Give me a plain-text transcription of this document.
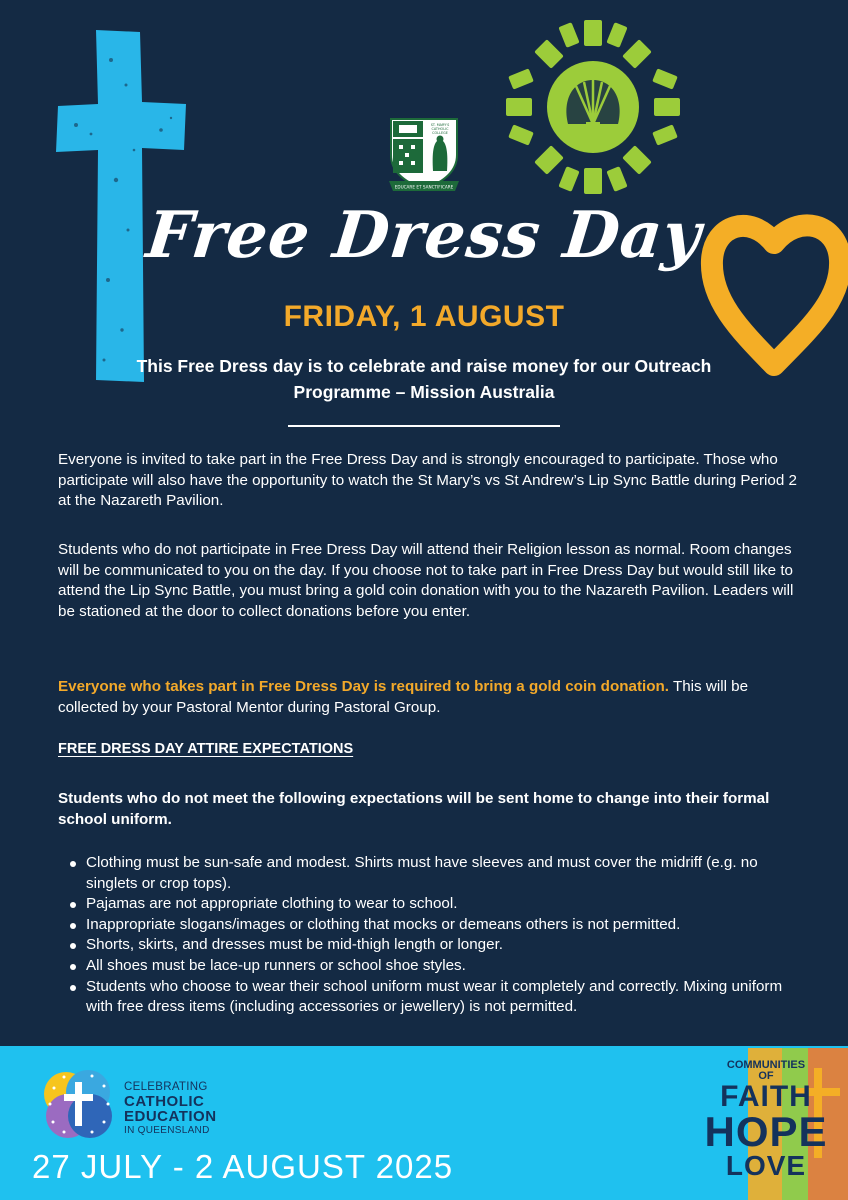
ST. MARY'S
CATHOLIC
COLLEGE
EDUCARE ET SANCTIFICARE
Free Dress Day
FRIDAY, 1 AUGUST
This Free Dress day is to celebrate and raise money for our Outreach Programme – Mission Australia

Everyone is invited to take part in the Free Dress Day and is strongly encouraged to participate. Those who participate will also have the opportunity to watch the St Mary’s vs St Andrew’s Lip Sync Battle during Period 2 at the Nazareth Pavilion.

Students who do not participate in Free Dress Day will attend their Religion lesson as normal. Room changes will be communicated to you on the day. If you choose not to take part in Free Dress Day but would still like to attend the Lip Sync Battle, you must bring a gold coin donation with you to the Nazareth Pavilion. Leaders will be stationed at the door to collect donations before you enter.

Everyone who takes part in Free Dress Day is required to bring a gold coin donation. This will be collected by your Pastoral Mentor during Pastoral Group.

FREE DRESS DAY ATTIRE EXPECTATIONS
Students who do not meet the following expectations will be sent home to change into their formal school uniform.
Clothing must be sun-safe and modest. Shirts must have sleeves and must cover the midriff (e.g. no singlets or crop tops).
Pajamas are not appropriate clothing to wear to school.
Inappropriate slogans/images or clothing that mocks or demeans others is not permitted.
Shorts, skirts, and dresses must be mid-thigh length or longer.
All shoes must be lace-up runners or school shoe styles.
Students who choose to wear their school uniform must wear it completely and correctly. Mixing uniform with free dress items (including accessories or jewellery) is not permitted.
CELEBRATING
CATHOLIC
EDUCATION
IN QUEENSLAND
27 JULY - 2 AUGUST 2025
COMMUNITIES
OF
FAITH
HOPE
LOVE
